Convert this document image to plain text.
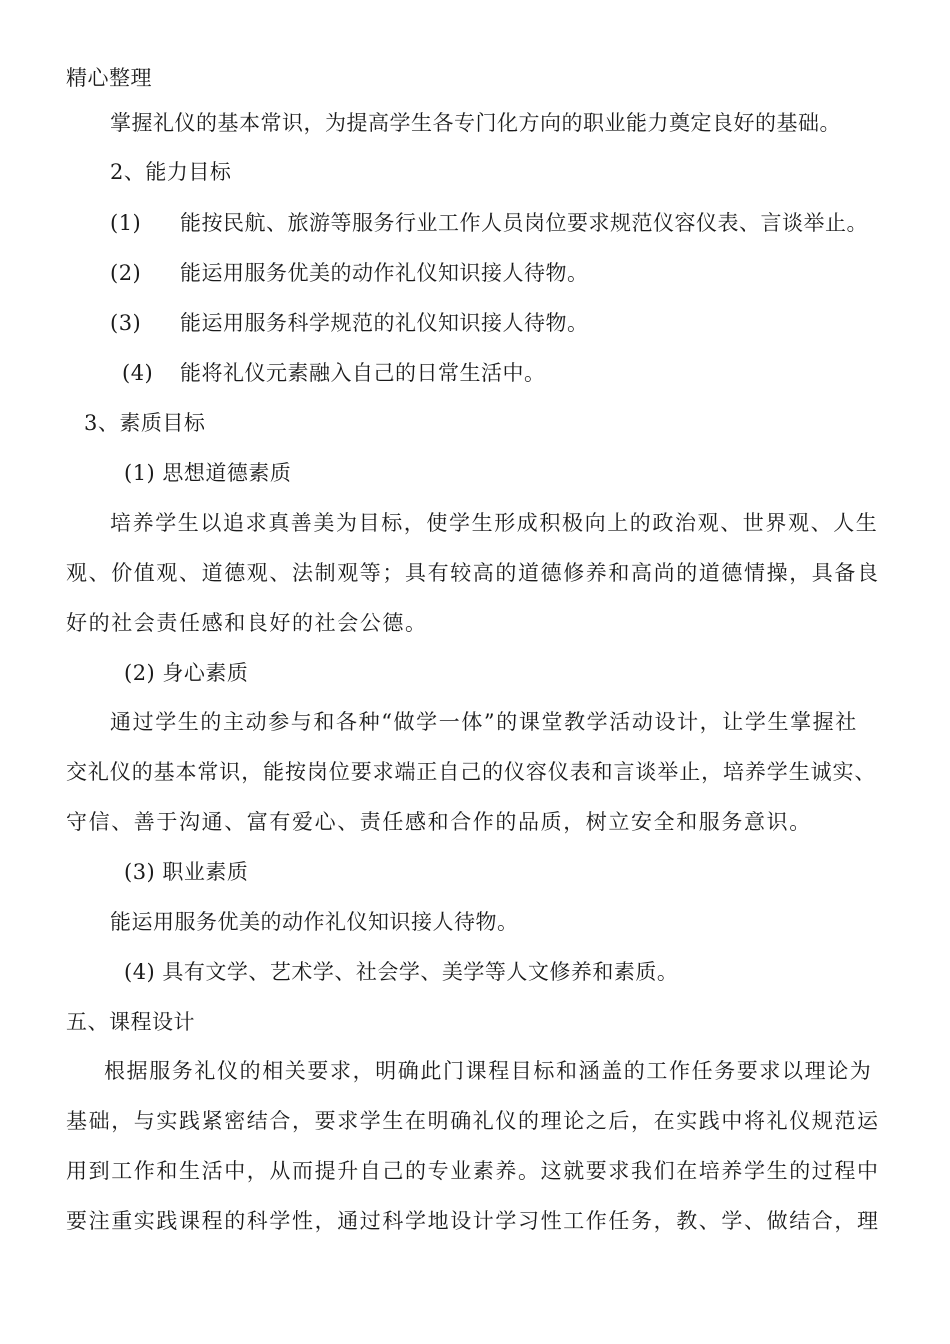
精心整理
掌握礼仪的基本常识，为提高学生各专门化方向的职业能力奠定良好的基础。
2、能力目标
(1) 能按民航、旅游等服务行业工作人员岗位要求规范仪容仪表、言谈举止。
(2) 能运用服务优美的动作礼仪知识接人待物。
(3) 能运用服务科学规范的礼仪知识接人待物。
(4) 能将礼仪元素融入自己的日常生活中。
3、素质目标
(1) 思想道德素质
培养学生以追求真善美为目标，使学生形成积极向上的政治观、世界观、人生
观、价值观、道德观、法制观等；具有较高的道德修养和高尚的道德情操，具备良
好的社会责任感和良好的社会公德。
(2) 身心素质
通过学生的主动参与和各种“做学一体”的课堂教学活动设计，让学生掌握社
交礼仪的基本常识，能按岗位要求端正自己的仪容仪表和言谈举止，培养学生诚实、
守信、善于沟通、富有爱心、责任感和合作的品质，树立安全和服务意识。
(3) 职业素质
能运用服务优美的动作礼仪知识接人待物。
(4) 具有文学、艺术学、社会学、美学等人文修养和素质。
五、课程设计
根据服务礼仪的相关要求，明确此门课程目标和涵盖的工作任务要求以理论为
基础，与实践紧密结合，要求学生在明确礼仪的理论之后，在实践中将礼仪规范运
用到工作和生活中，从而提升自己的专业素养。这就要求我们在培养学生的过程中
要注重实践课程的科学性，通过科学地设计学习性工作任务，教、学、做结合，理
